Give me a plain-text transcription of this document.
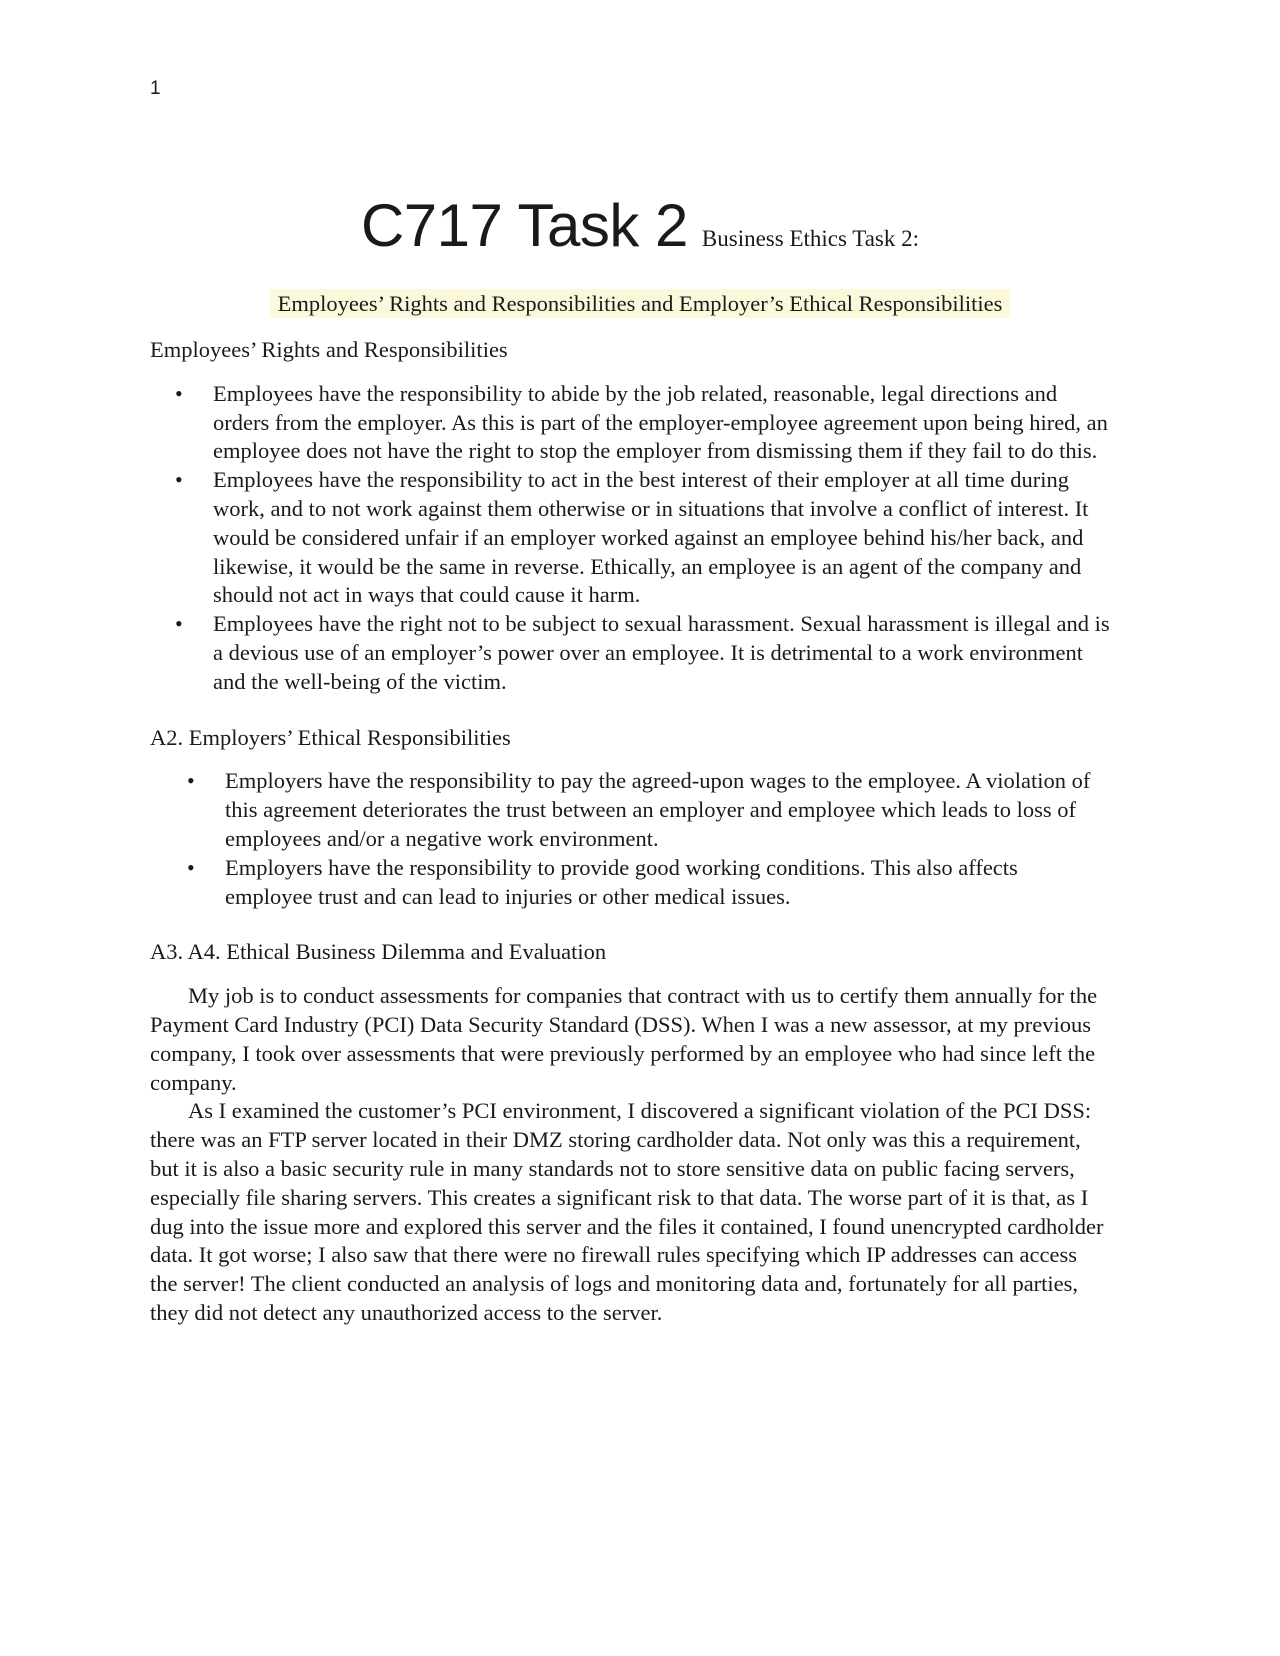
1
C717 Task 2 Business Ethics Task 2:
Employees’ Rights and Responsibilities and Employer’s Ethical Responsibilities
Employees’ Rights and Responsibilities
• Employees have the responsibility to abide by the job related, reasonable, legal directions and orders from the employer. As this is part of the employer-employee agreement upon being hired, an employee does not have the right to stop the employer from dismissing them if they fail to do this.
• Employees have the responsibility to act in the best interest of their employer at all time during work, and to not work against them otherwise or in situations that involve a conflict of interest. It would be considered unfair if an employer worked against an employee behind his/her back, and likewise, it would be the same in reverse. Ethically, an employee is an agent of the company and should not act in ways that could cause it harm.
• Employees have the right not to be subject to sexual harassment. Sexual harassment is illegal and is a devious use of an employer’s power over an employee. It is detrimental to a work environment and the well-being of the victim.
A2. Employers’ Ethical Responsibilities
• Employers have the responsibility to pay the agreed-upon wages to the employee. A violation of this agreement deteriorates the trust between an employer and employee which leads to loss of employees and/or a negative work environment.
• Employers have the responsibility to provide good working conditions. This also affects employee trust and can lead to injuries or other medical issues.
A3. A4. Ethical Business Dilemma and Evaluation

My job is to conduct assessments for companies that contract with us to certify them annually for the Payment Card Industry (PCI) Data Security Standard (DSS). When I was a new assessor, at my previous company, I took over assessments that were previously performed by an employee who had since left the company.

As I examined the customer’s PCI environment, I discovered a significant violation of the PCI DSS: there was an FTP server located in their DMZ storing cardholder data. Not only was this a requirement, but it is also a basic security rule in many standards not to store sensitive data on public facing servers, especially file sharing servers. This creates a significant risk to that data. The worse part of it is that, as I dug into the issue more and explored this server and the files it contained, I found unencrypted cardholder data. It got worse; I also saw that there were no firewall rules specifying which IP addresses can access the server! The client conducted an analysis of logs and monitoring data and, fortunately for all parties, they did not detect any unauthorized access to the server.
